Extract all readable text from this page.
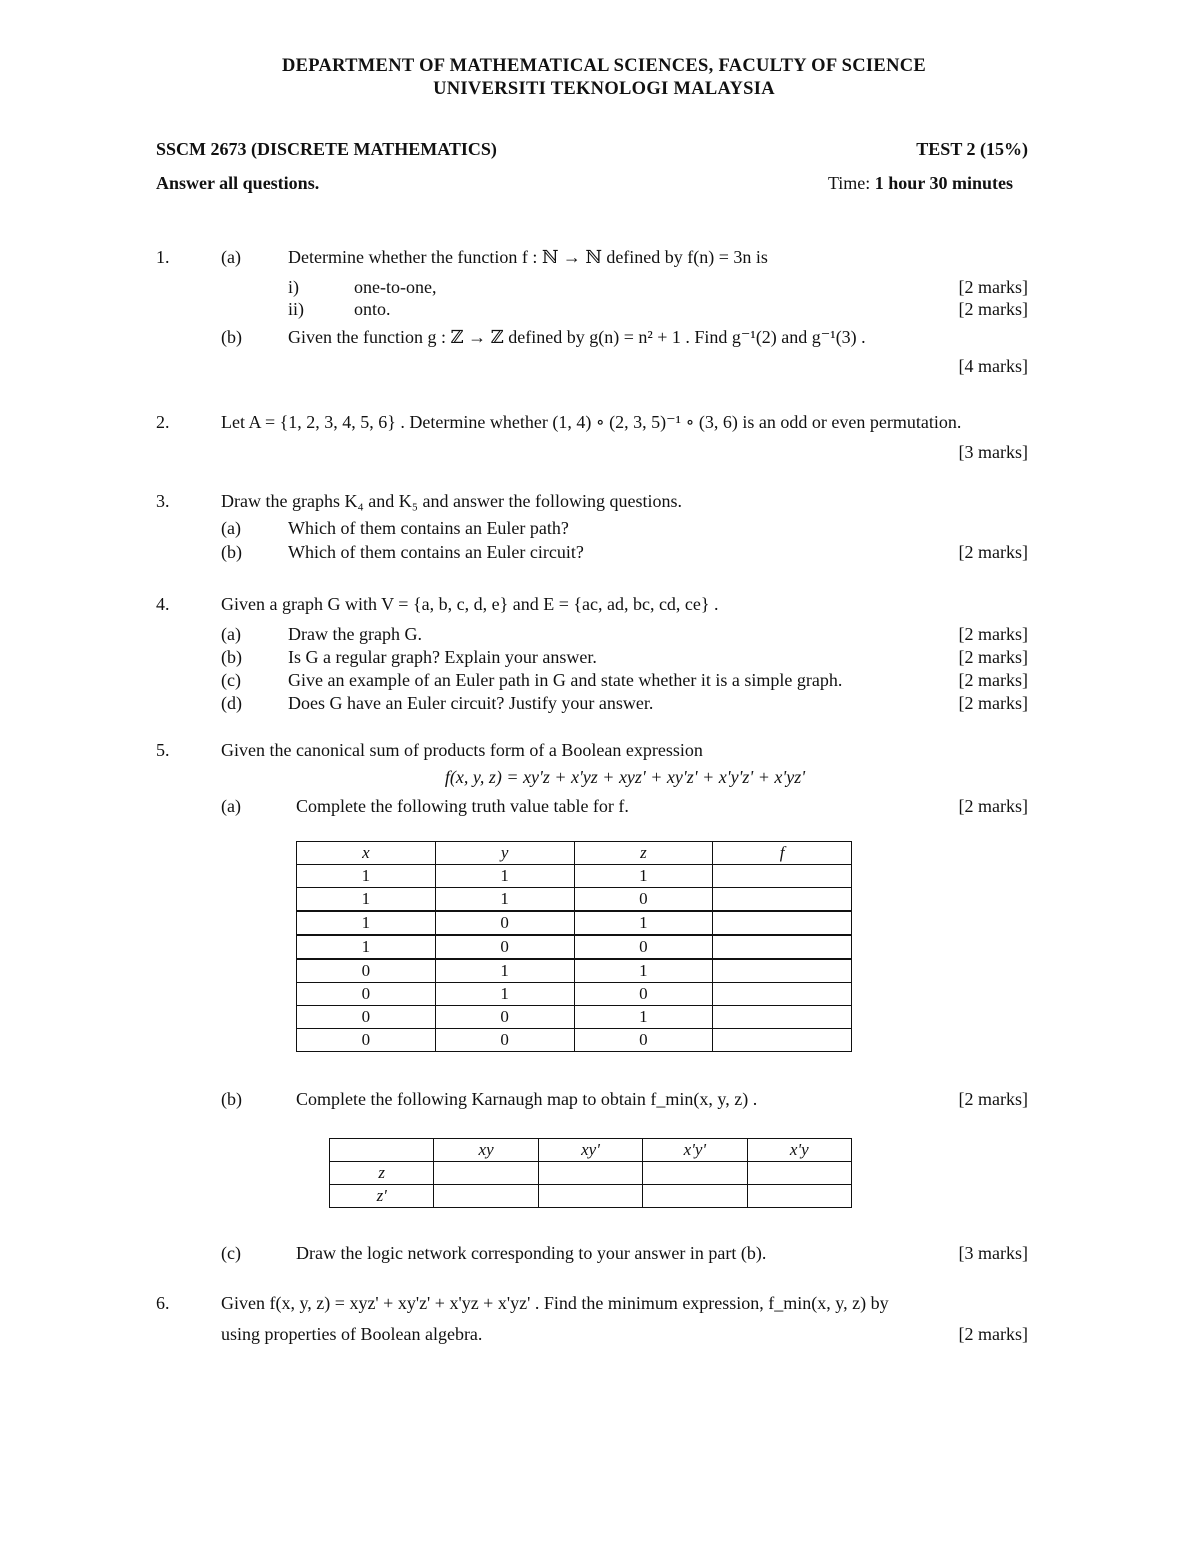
DEPARTMENT OF MATHEMATICAL SCIENCES, FACULTY OF SCIENCE
UNIVERSITI TEKNOLOGI MALAYSIA
SSCM 2673 (DISCRETE MATHEMATICS)	TEST 2 (15%)
Answer all questions.	Time: 1 hour 30 minutes
1.	(a)	Determine whether the function f : ℕ → ℕ defined by f(n) = 3n is
i)	one-to-one,	[2 marks]
ii)	onto.	[2 marks]
(b)	Given the function g : ℤ → ℤ defined by g(n) = n² + 1 . Find g⁻¹(2) and g⁻¹(3) .
[4 marks]
2.	Let A = {1, 2, 3, 4, 5, 6} . Determine whether (1, 4) ∘ (2, 3, 5)⁻¹ ∘ (3, 6) is an odd or even permutation.
[3 marks]
3.	Draw the graphs K₄ and K₅ and answer the following questions.
(a)	Which of them contains an Euler path?
(b)	Which of them contains an Euler circuit?	[2 marks]
4.	Given a graph G with V = {a, b, c, d, e} and E = {ac, ad, bc, cd, ce} .
(a)	Draw the graph G.	[2 marks]
(b)	Is G a regular graph? Explain your answer.	[2 marks]
(c)	Give an example of an Euler path in G and state whether it is a simple graph.	[2 marks]
(d)	Does G have an Euler circuit? Justify your answer.	[2 marks]
5.	Given the canonical sum of products form of a Boolean expression
f(x, y, z) = xy'z + x'yz + xyz' + xy'z' + x'y'z' + x'yz'
(a)	Complete the following truth value table for f.	[2 marks]
x	y	z	f
1	1	1	
1	1	0	
1	0	1	
1	0	0	
0	1	1	
0	1	0	
0	0	1	
0	0	0	
(b)	Complete the following Karnaugh map to obtain f_min(x, y, z) .	[2 marks]
	xy	xy'	x'y'	x'y
z				
z'				
(c)	Draw the logic network corresponding to your answer in part (b).	[3 marks]
6.	Given f(x, y, z) = xyz' + xy'z' + x'yz + x'yz' . Find the minimum expression, f_min(x, y, z) by
using properties of Boolean algebra.	[2 marks]
